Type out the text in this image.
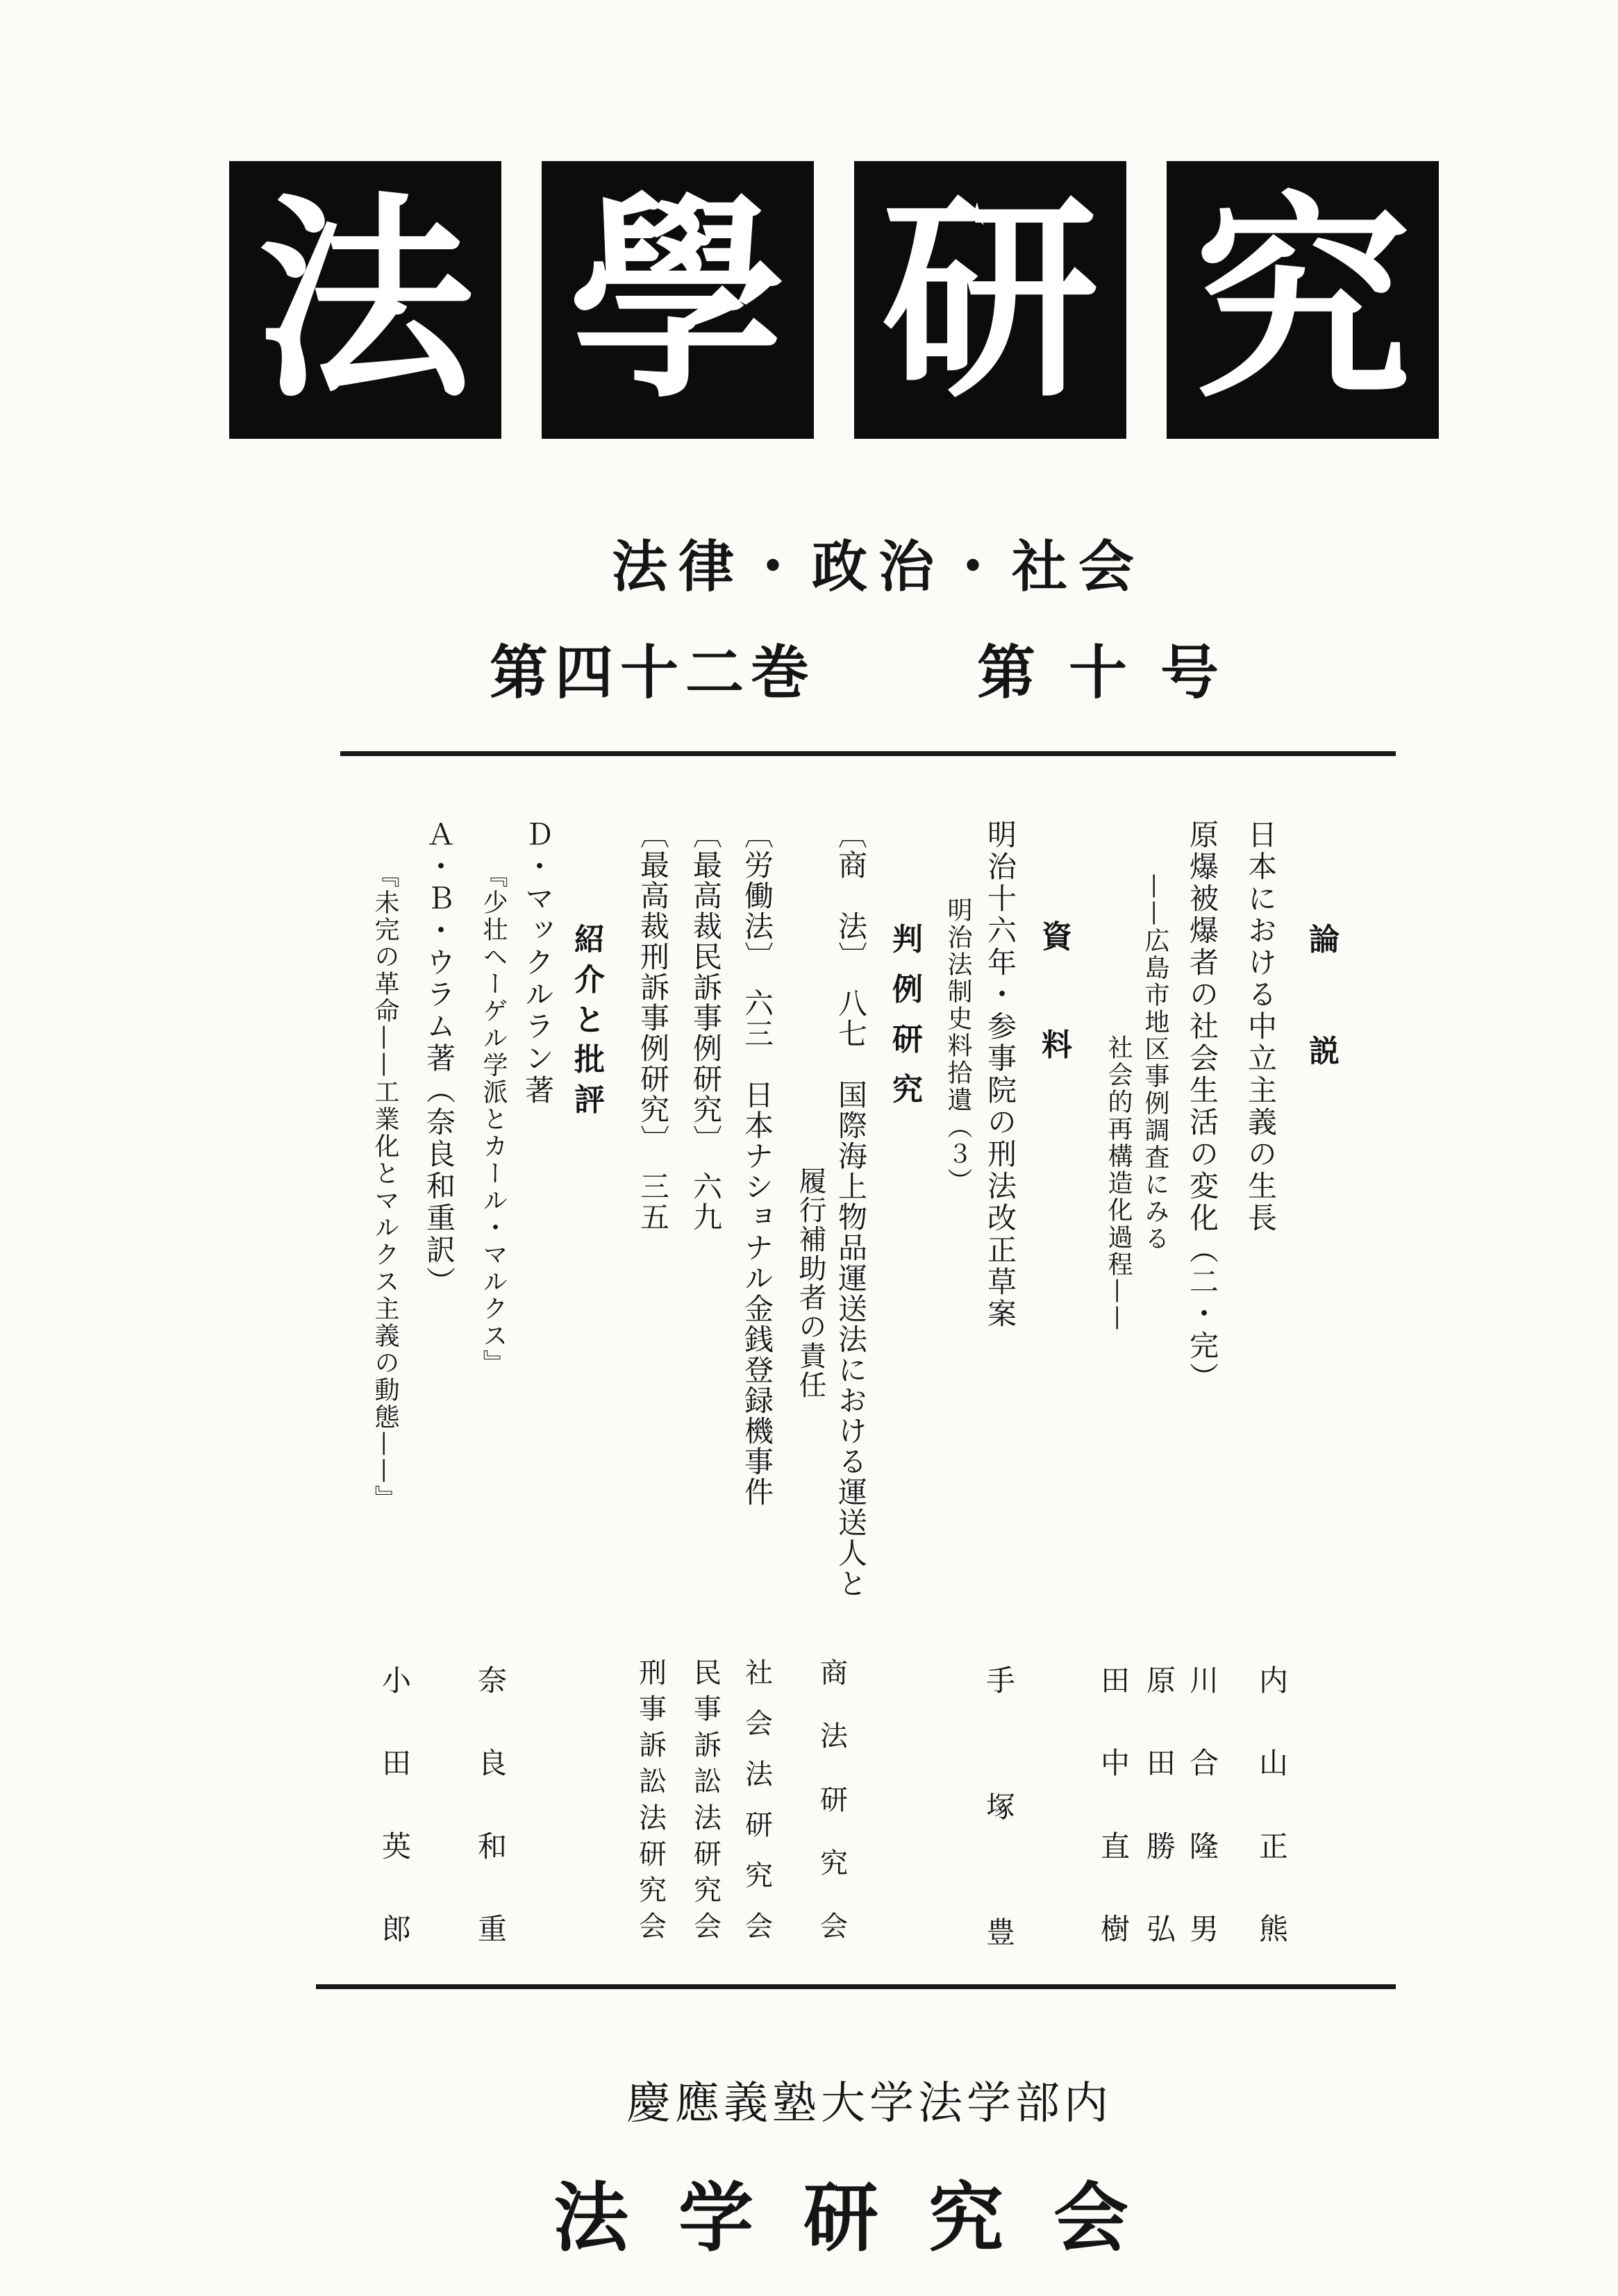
法 學 研 究
法律・政治・社会
第四十二巻	第十号
論
説
日本における中立主義の生長
原爆被爆者の社会生活の変化（二・完）
——広島市地区事例調査にみる
社会的再構造化過程——
資
料
明治十六年・参事院の刑法改正草案
明治法制史料拾遺（３）
判
例
研
究
〔商　法〕　八七　国際海上物品運送法における運送人と
履行補助者の責任
〔労働法〕　六三　日本ナショナル金銭登録機事件
〔最高裁民訴事例研究〕　六九
〔最高裁刑訴事例研究〕　三五
紹
介
と
批
評
Ｄ・マックルラン著
『少壮ヘーゲル学派とカール・マルクス』
Ａ・Ｂ・ウラム著（奈良和重訳）
『未完の革命——工業化とマルクス主義の動態——』
内
山
正
熊
川
合
隆
男
原
田
勝
弘
田
中
直
樹
手
塚
豊
商
法
研
究
会
社
会
法
研
究
会
民
事
訴
訟
法
研
究
会
刑
事
訴
訟
法
研
究
会
奈
良
和
重
小
田
英
郎
慶應義塾大学法学部内
法学研究会
